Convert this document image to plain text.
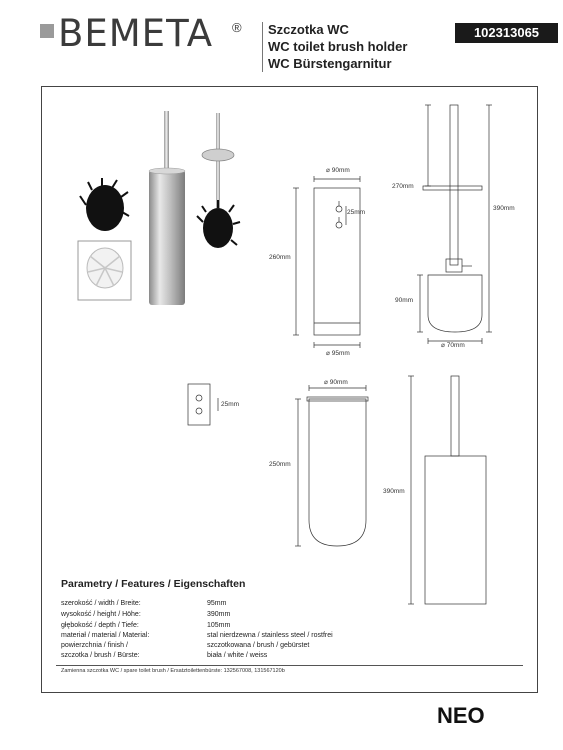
BEMETA ® Szczotka WC
WC toilet brush holder
WC Bürstengarnitur
102313065
⌀ 90mm
25mm
260mm
⌀ 95mm
270mm
390mm
90mm
⌀ 70mm
25mm
⌀ 90mm
250mm
390mm
Parametry / Features / Eigenschaften
szerokość / width / Breite:	95mm
wysokość / height / Höhe:	390mm
głębokość / depth / Tiefe:	105mm
materiał / material / Material:	stal nierdzewna / stainless steel / rostfrei
powierzchnia / finish /	szczotkowana / brush / gebürstet
szczotka / brush / Bürste:	biała / white / weiss
Zamienna szczotka WC / spare toilet brush / Ersatztoilettenbürste: 132567008, 131567120b
NEO
